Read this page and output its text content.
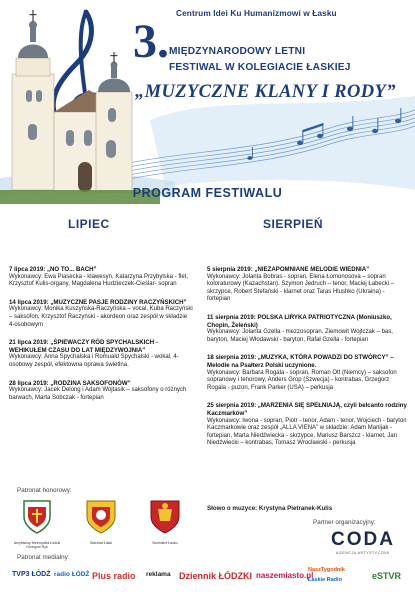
Centrum Idei Ku Humanizmowi w Łasku
3. MIĘDZYNARODOWY LETNI
FESTIWAL W KOLEGIACIE ŁASKIEJ
„MUZYCZNE KLANY I RODY”
PROGRAM FESTIWALU
LIPIEC	SIERPIEŃ
7 lipca 2019: „NO TO... BACH”
Wykonawcy: Ewa Piasecka - klawesyn, Katarzyna Przybylska - flet, Krzysztof Kulis-organy, Magdalena Hudzieczek-Cieślar- sopran
14 lipca 2019: „MUZYCZNE PASJE RODZINY RACZYŃSKICH”
Wykonawcy: Monika Kuszyńska-Raczyńska – vocal, Kuba Raczyński – saksofon, Krzysztof Raczyński - akordeon oraz zespół w składzie 4-osobowym
21 lipca 2019: „ŚPIEWACZY RÓD SPYCHALSKICH - WEHIKUŁEM CZASU DO LAT MIĘDZYWOJNIA”
Wykonawcy: Anna Spychalska i Romuald Spychalski - wokal, 4-osobowy zespół, efektowna oprawa świetlna.
28 lipca 2019: „RODZINA SAKSOFONÓW”
Wykonawcy: Jacek Delong i Adam Wojtasik – saksofony o różnych barwach, Marta Sobczak - fortepian
5 sierpnia 2019: „NIEZAPOMNIANE MELODIE WIEDNIA”
Wykonawcy: Jolanta Bobras - sopran, Elena Łomonosova – sopran koloraturowy (Kazachstan). Szymon Jedruch – tenor, Maciej Łabecki – skrzypce, Robert Stefański - klarnet oraz Taras Hlushko (Ukraina) - fortepian
11 sierpnia 2019: POLSKA LIRYKA PATRIOTYCZNA (Moniuszko, Chopin, Żeleński)
Wykonawcy: Jolanta Gzella - mezzosopran, Ziemowit Wojtczak – bas, baryton, Maciej Włodawski - baryton, Rafał Gzella - fortepian
18 sierpnia 2019: „MUZYKA, KTÓRA POWADZI DO STWÓRCY” – Melodie na Psałterz Polski uczynione.
Wykonawcy: Barbara Rogala - sopran, Roman Ott (Niemcy) – saksofon sopranowy i tenorowy, Anders Grop (Szwecja) - kontrabas, Grzegorz Rogala - puzon, Frank Parker (USA) – perkusja
25 sierpnia 2019: „MARZENIA SIĘ SPEŁNIAJĄ, czyli belcanto rodziny Kaczmarków”
Wykonawcy: Iwona - sopran, Piotr - tenor, Adam - tenor, Wojciech - baryton Kaczmarkowie oraz zespół „ALLA VIENA” w składzie: Adam Manijak - fortepian, Marta Niedźwiecka - skrzypce, Mariusz Barszcz - klarnet, Jan Niedźwiecki – kontrabas, Tomasz Wrocławski - perkusja
Słowo o muzyce: Krystyna Pietranek-Kulis
Patronat honorowy:
Arcybiskup Metropolita Łódzki Grzegorz Ryś
Starosta Łaski	Burmistrz Łasku
Partner organizacyjny:
CODA
AGENCJA ARTYSTYCZNA
Patronat medialny:
TVP3 ŁÓDŹ radio ŁÓDŹ Plus radio reklama Dziennik ŁÓDZKI naszemiasto.pl
NaszTygodnik
Łaskie Radio	eSTVR
